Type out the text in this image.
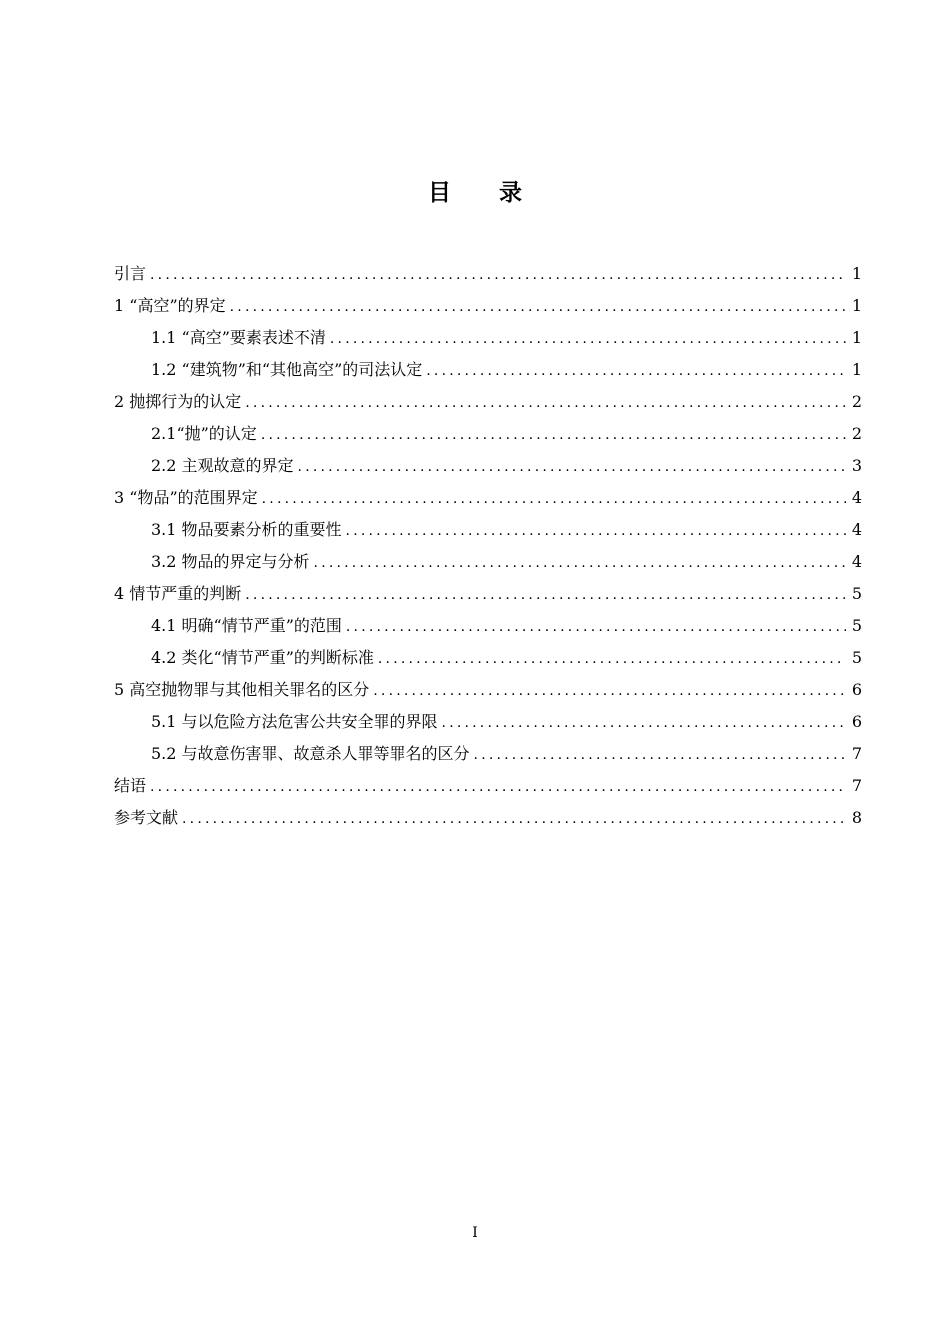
目 录
引言 .....	1
1 “高空”的界定 .....	1
1.1 “高空”要素表述不清 .....	1
1.2 “建筑物”和“其他高空”的司法认定 .....	1
2 抛掷行为的认定 .....	2
2.1“抛”的认定 .....	2
2.2 主观故意的界定 .....	3
3 “物品”的范围界定 .....	4
3.1 物品要素分析的重要性 .....	4
3.2 物品的界定与分析 .....	4
4 情节严重的判断 .....	5
4.1 明确“情节严重”的范围 .....	5
4.2 类化“情节严重”的判断标准 .....	5
5 高空抛物罪与其他相关罪名的区分 .....	6
5.1 与以危险方法危害公共安全罪的界限 .....	6
5.2 与故意伤害罪、故意杀人罪等罪名的区分 .....	7
结语 .....	7
参考文献 .....	8
I
